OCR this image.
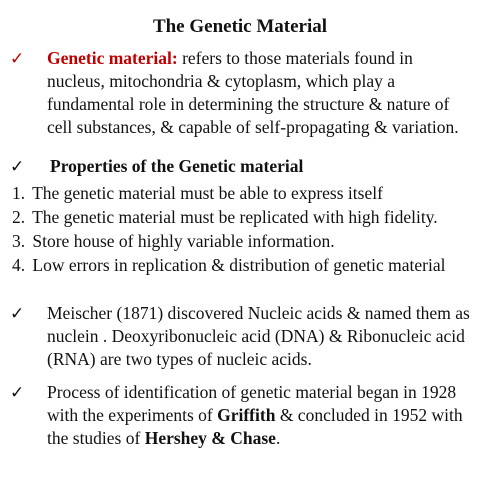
The Genetic Material
✓	Genetic material: refers to those materials found in nucleus, mitochondria & cytoplasm, which play a fundamental role in determining the structure & nature of cell substances, & capable of self-propagating & variation.
✓	Properties of the Genetic material
1. The genetic material must be able to express itself
2. The genetic material must be replicated with high fidelity.
3. Store house of highly variable information.
4. Low errors in replication & distribution of genetic material
✓	Meischer (1871) discovered Nucleic acids & named them as nuclein . Deoxyribonucleic acid (DNA) & Ribonucleic acid (RNA) are two types of nucleic acids.
✓	Process of identification of genetic material began in 1928 with the experiments of Griffith & concluded in 1952 with the studies of Hershey & Chase.
